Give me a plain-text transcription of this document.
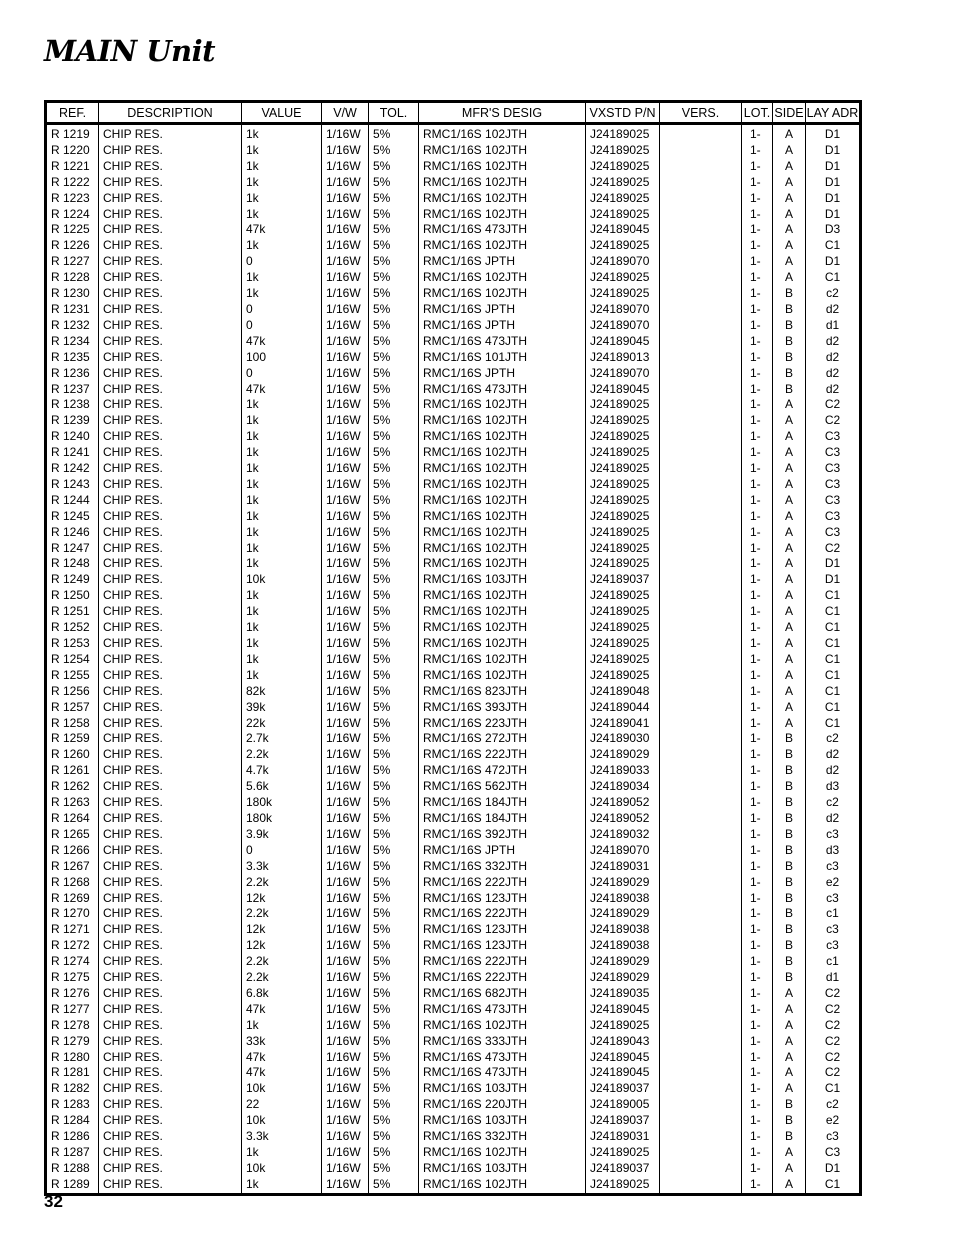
MAIN Unit
REF.	DESCRIPTION	VALUE	V/W	TOL.	MFR'S DESIG	VXSTD P/N	VERS.	LOT.	SIDE	LAY ADR
R 1219	CHIP RES.	1k	1/16W	5%	RMC1/16S 102JTH	J24189025		1-	A	D1
R 1220	CHIP RES.	1k	1/16W	5%	RMC1/16S 102JTH	J24189025		1-	A	D1
R 1221	CHIP RES.	1k	1/16W	5%	RMC1/16S 102JTH	J24189025		1-	A	D1
R 1222	CHIP RES.	1k	1/16W	5%	RMC1/16S 102JTH	J24189025		1-	A	D1
R 1223	CHIP RES.	1k	1/16W	5%	RMC1/16S 102JTH	J24189025		1-	A	D1
R 1224	CHIP RES.	1k	1/16W	5%	RMC1/16S 102JTH	J24189025		1-	A	D1
R 1225	CHIP RES.	47k	1/16W	5%	RMC1/16S 473JTH	J24189045		1-	A	D3
R 1226	CHIP RES.	1k	1/16W	5%	RMC1/16S 102JTH	J24189025		1-	A	C1
R 1227	CHIP RES.	0	1/16W	5%	RMC1/16S JPTH	J24189070		1-	A	D1
R 1228	CHIP RES.	1k	1/16W	5%	RMC1/16S 102JTH	J24189025		1-	A	C1
R 1230	CHIP RES.	1k	1/16W	5%	RMC1/16S 102JTH	J24189025		1-	B	c2
R 1231	CHIP RES.	0	1/16W	5%	RMC1/16S JPTH	J24189070		1-	B	d2
R 1232	CHIP RES.	0	1/16W	5%	RMC1/16S JPTH	J24189070		1-	B	d1
R 1234	CHIP RES.	47k	1/16W	5%	RMC1/16S 473JTH	J24189045		1-	B	d2
R 1235	CHIP RES.	100	1/16W	5%	RMC1/16S 101JTH	J24189013		1-	B	d2
R 1236	CHIP RES.	0	1/16W	5%	RMC1/16S JPTH	J24189070		1-	B	d2
R 1237	CHIP RES.	47k	1/16W	5%	RMC1/16S 473JTH	J24189045		1-	B	d2
R 1238	CHIP RES.	1k	1/16W	5%	RMC1/16S 102JTH	J24189025		1-	A	C2
R 1239	CHIP RES.	1k	1/16W	5%	RMC1/16S 102JTH	J24189025		1-	A	C2
R 1240	CHIP RES.	1k	1/16W	5%	RMC1/16S 102JTH	J24189025		1-	A	C3
R 1241	CHIP RES.	1k	1/16W	5%	RMC1/16S 102JTH	J24189025		1-	A	C3
R 1242	CHIP RES.	1k	1/16W	5%	RMC1/16S 102JTH	J24189025		1-	A	C3
R 1243	CHIP RES.	1k	1/16W	5%	RMC1/16S 102JTH	J24189025		1-	A	C3
R 1244	CHIP RES.	1k	1/16W	5%	RMC1/16S 102JTH	J24189025		1-	A	C3
R 1245	CHIP RES.	1k	1/16W	5%	RMC1/16S 102JTH	J24189025		1-	A	C3
R 1246	CHIP RES.	1k	1/16W	5%	RMC1/16S 102JTH	J24189025		1-	A	C3
R 1247	CHIP RES.	1k	1/16W	5%	RMC1/16S 102JTH	J24189025		1-	A	C2
R 1248	CHIP RES.	1k	1/16W	5%	RMC1/16S 102JTH	J24189025		1-	A	D1
R 1249	CHIP RES.	10k	1/16W	5%	RMC1/16S 103JTH	J24189037		1-	A	D1
R 1250	CHIP RES.	1k	1/16W	5%	RMC1/16S 102JTH	J24189025		1-	A	C1
R 1251	CHIP RES.	1k	1/16W	5%	RMC1/16S 102JTH	J24189025		1-	A	C1
R 1252	CHIP RES.	1k	1/16W	5%	RMC1/16S 102JTH	J24189025		1-	A	C1
R 1253	CHIP RES.	1k	1/16W	5%	RMC1/16S 102JTH	J24189025		1-	A	C1
R 1254	CHIP RES.	1k	1/16W	5%	RMC1/16S 102JTH	J24189025		1-	A	C1
R 1255	CHIP RES.	1k	1/16W	5%	RMC1/16S 102JTH	J24189025		1-	A	C1
R 1256	CHIP RES.	82k	1/16W	5%	RMC1/16S 823JTH	J24189048		1-	A	C1
R 1257	CHIP RES.	39k	1/16W	5%	RMC1/16S 393JTH	J24189044		1-	A	C1
R 1258	CHIP RES.	22k	1/16W	5%	RMC1/16S 223JTH	J24189041		1-	A	C1
R 1259	CHIP RES.	2.7k	1/16W	5%	RMC1/16S 272JTH	J24189030		1-	B	c2
R 1260	CHIP RES.	2.2k	1/16W	5%	RMC1/16S 222JTH	J24189029		1-	B	d2
R 1261	CHIP RES.	4.7k	1/16W	5%	RMC1/16S 472JTH	J24189033		1-	B	d2
R 1262	CHIP RES.	5.6k	1/16W	5%	RMC1/16S 562JTH	J24189034		1-	B	d3
R 1263	CHIP RES.	180k	1/16W	5%	RMC1/16S 184JTH	J24189052		1-	B	c2
R 1264	CHIP RES.	180k	1/16W	5%	RMC1/16S 184JTH	J24189052		1-	B	d2
R 1265	CHIP RES.	3.9k	1/16W	5%	RMC1/16S 392JTH	J24189032		1-	B	c3
R 1266	CHIP RES.	0	1/16W	5%	RMC1/16S JPTH	J24189070		1-	B	d3
R 1267	CHIP RES.	3.3k	1/16W	5%	RMC1/16S 332JTH	J24189031		1-	B	c3
R 1268	CHIP RES.	2.2k	1/16W	5%	RMC1/16S 222JTH	J24189029		1-	B	e2
R 1269	CHIP RES.	12k	1/16W	5%	RMC1/16S 123JTH	J24189038		1-	B	c3
R 1270	CHIP RES.	2.2k	1/16W	5%	RMC1/16S 222JTH	J24189029		1-	B	c1
R 1271	CHIP RES.	12k	1/16W	5%	RMC1/16S 123JTH	J24189038		1-	B	c3
R 1272	CHIP RES.	12k	1/16W	5%	RMC1/16S 123JTH	J24189038		1-	B	c3
R 1274	CHIP RES.	2.2k	1/16W	5%	RMC1/16S 222JTH	J24189029		1-	B	c1
R 1275	CHIP RES.	2.2k	1/16W	5%	RMC1/16S 222JTH	J24189029		1-	B	d1
R 1276	CHIP RES.	6.8k	1/16W	5%	RMC1/16S 682JTH	J24189035		1-	A	C2
R 1277	CHIP RES.	47k	1/16W	5%	RMC1/16S 473JTH	J24189045		1-	A	C2
R 1278	CHIP RES.	1k	1/16W	5%	RMC1/16S 102JTH	J24189025		1-	A	C2
R 1279	CHIP RES.	33k	1/16W	5%	RMC1/16S 333JTH	J24189043		1-	A	C2
R 1280	CHIP RES.	47k	1/16W	5%	RMC1/16S 473JTH	J24189045		1-	A	C2
R 1281	CHIP RES.	47k	1/16W	5%	RMC1/16S 473JTH	J24189045		1-	A	C2
R 1282	CHIP RES.	10k	1/16W	5%	RMC1/16S 103JTH	J24189037		1-	A	C1
R 1283	CHIP RES.	22	1/16W	5%	RMC1/16S 220JTH	J24189005		1-	B	c2
R 1284	CHIP RES.	10k	1/16W	5%	RMC1/16S 103JTH	J24189037		1-	B	e2
R 1286	CHIP RES.	3.3k	1/16W	5%	RMC1/16S 332JTH	J24189031		1-	B	c3
R 1287	CHIP RES.	1k	1/16W	5%	RMC1/16S 102JTH	J24189025		1-	A	C3
R 1288	CHIP RES.	10k	1/16W	5%	RMC1/16S 103JTH	J24189037		1-	A	D1
R 1289	CHIP RES.	1k	1/16W	5%	RMC1/16S 102JTH	J24189025		1-	A	C1
32
